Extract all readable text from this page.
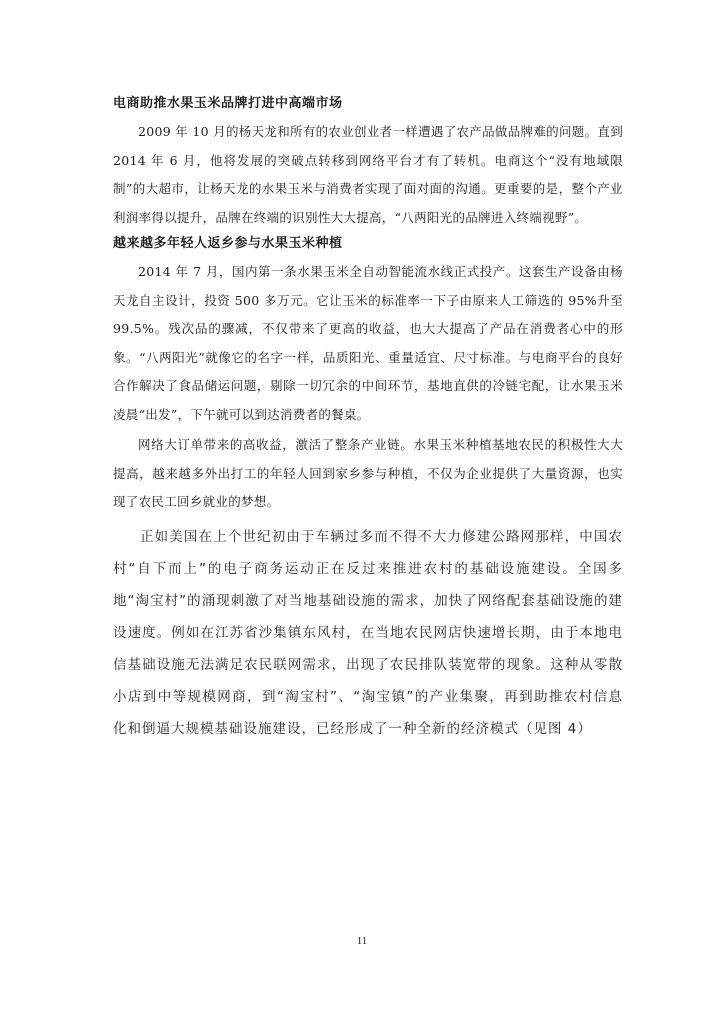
电商助推水果玉米品牌打进中高端市场

2009 年 10 月的杨天龙和所有的农业创业者一样遭遇了农产品做品牌难的问题。直到 2014 年 6 月，他将发展的突破点转移到网络平台才有了转机。电商这个“没有地域限制”的大超市，让杨天龙的水果玉米与消费者实现了面对面的沟通。更重要的是，整个产业利润率得以提升，品牌在终端的识别性大大提高，“八两阳光的品牌进入终端视野”。

越来越多年轻人返乡参与水果玉米种植

2014 年 7 月，国内第一条水果玉米全自动智能流水线正式投产。这套生产设备由杨天龙自主设计，投资 500 多万元。它让玉米的标准率一下子由原来人工筛选的 95%升至 99.5%。残次品的骤减，不仅带来了更高的收益，也大大提高了产品在消费者心中的形象。“八两阳光”就像它的名字一样，品质阳光、重量适宜、尺寸标准。与电商平台的良好合作解决了食品储运问题，剔除一切冗余的中间环节，基地直供的冷链宅配，让水果玉米凌晨“出发”，下午就可以到达消费者的餐桌。

网络大订单带来的高收益，激活了整条产业链。水果玉米种植基地农民的积极性大大提高，越来越多外出打工的年轻人回到家乡参与种植，不仅为企业提供了大量资源，也实现了农民工回乡就业的梦想。

正如美国在上个世纪初由于车辆过多而不得不大力修建公路网那样，中国农村“自下而上”的电子商务运动正在反过来推进农村的基础设施建设。全国多地“淘宝村”的涌现刺激了对当地基础设施的需求，加快了网络配套基础设施的建设速度。例如在江苏省沙集镇东风村，在当地农民网店快速增长期，由于本地电信基础设施无法满足农民联网需求，出现了农民排队装宽带的现象。这种从零散小店到中等规模网商，到“淘宝村”、“淘宝镇”的产业集聚，再到助推农村信息化和倒逼大规模基础设施建设，已经形成了一种全新的经济模式（见图 4）

11
